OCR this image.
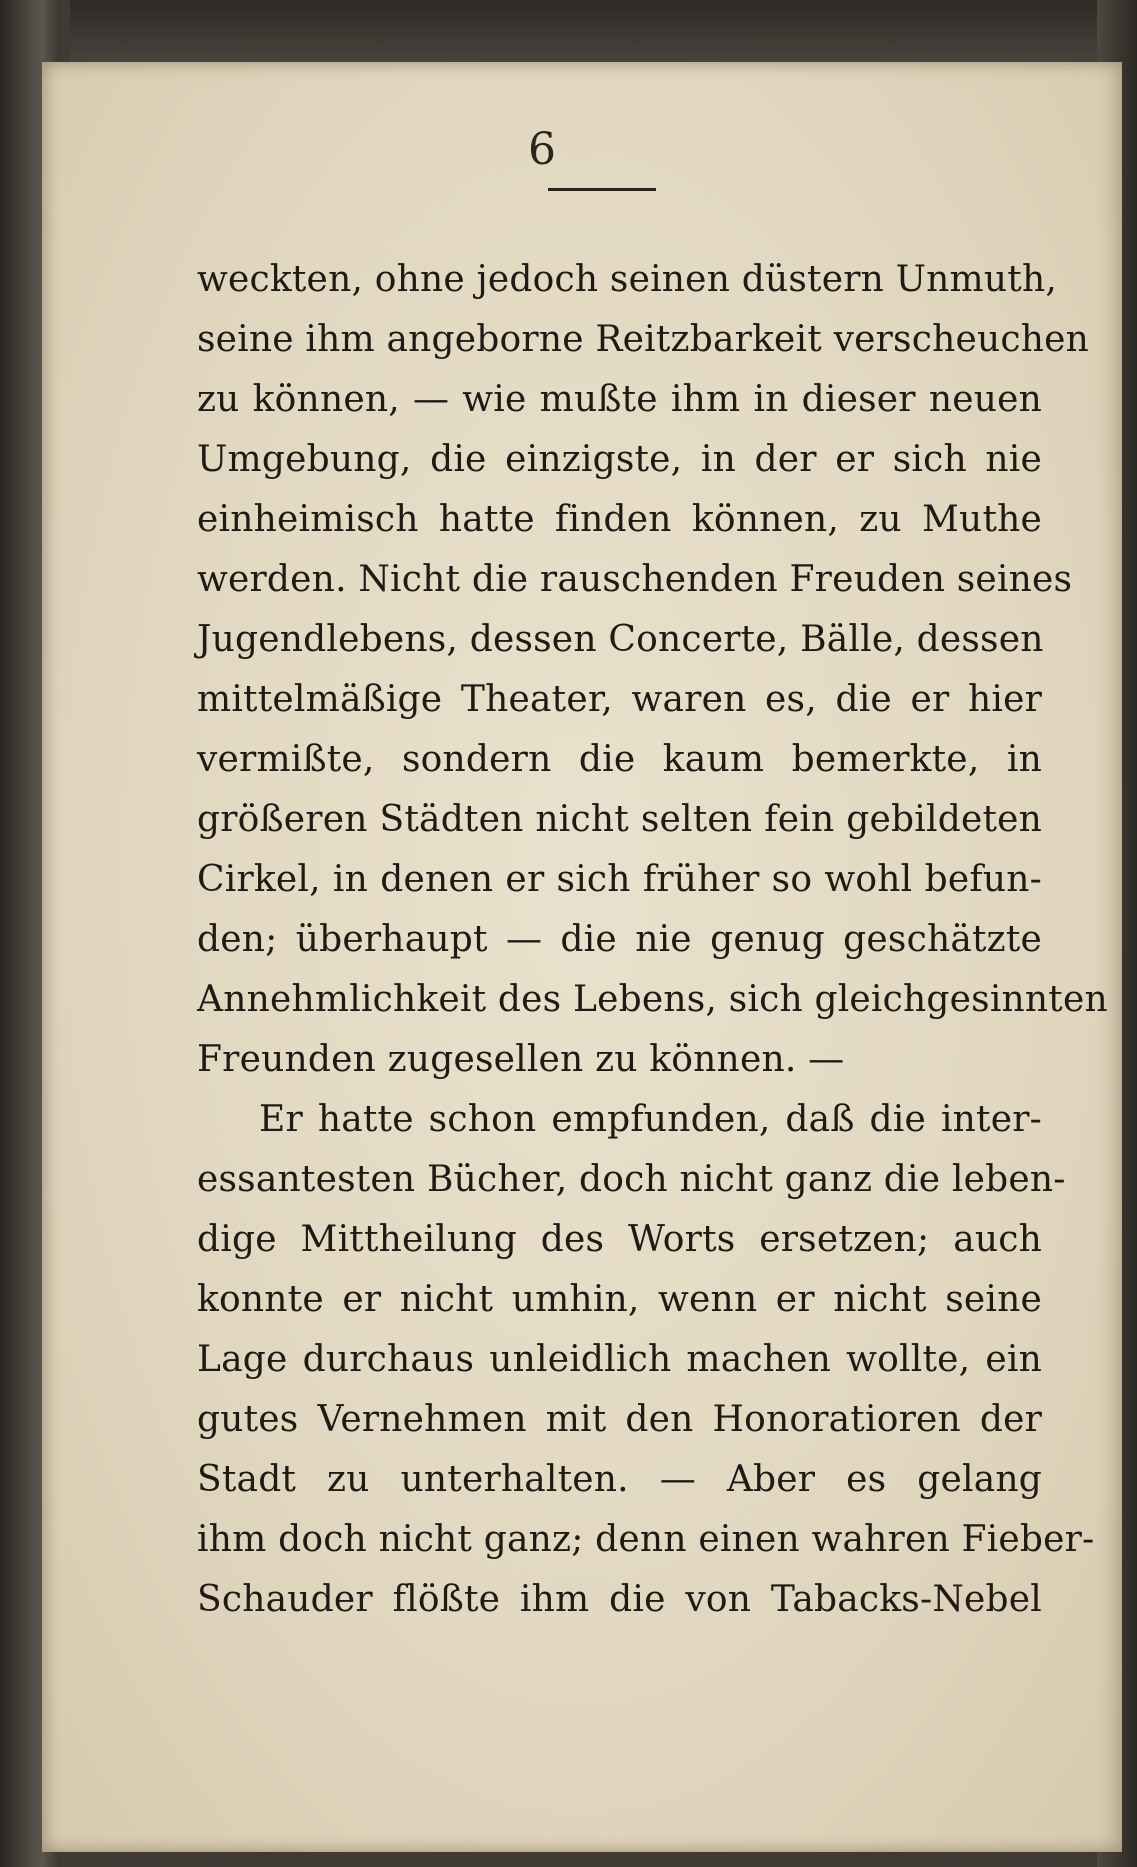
6
weckten, ohne jedoch seinen düstern Unmuth,
seine ihm angeborne Reitzbarkeit verscheuchen
zu können, — wie mußte ihm in dieser neuen
Umgebung, die einzigste, in der er sich nie
einheimisch hatte finden können, zu Muthe
werden. Nicht die rauschenden Freuden seines
Jugendlebens, dessen Concerte, Bälle, dessen
mittelmäßige Theater, waren es, die er hier
vermißte, sondern die kaum bemerkte, in
größeren Städten nicht selten fein gebildeten
Cirkel, in denen er sich früher so wohl befun-
den; überhaupt — die nie genug geschätzte
Annehmlichkeit des Lebens, sich gleichgesinnten
Freunden zugesellen zu können. —
Er hatte schon empfunden, daß die inter-
essantesten Bücher, doch nicht ganz die leben-
dige Mittheilung des Worts ersetzen; auch
konnte er nicht umhin, wenn er nicht seine
Lage durchaus unleidlich machen wollte, ein
gutes Vernehmen mit den Honoratioren der
Stadt zu unterhalten. — Aber es gelang
ihm doch nicht ganz; denn einen wahren Fieber-
Schauder flößte ihm die von Tabacks-Nebel
